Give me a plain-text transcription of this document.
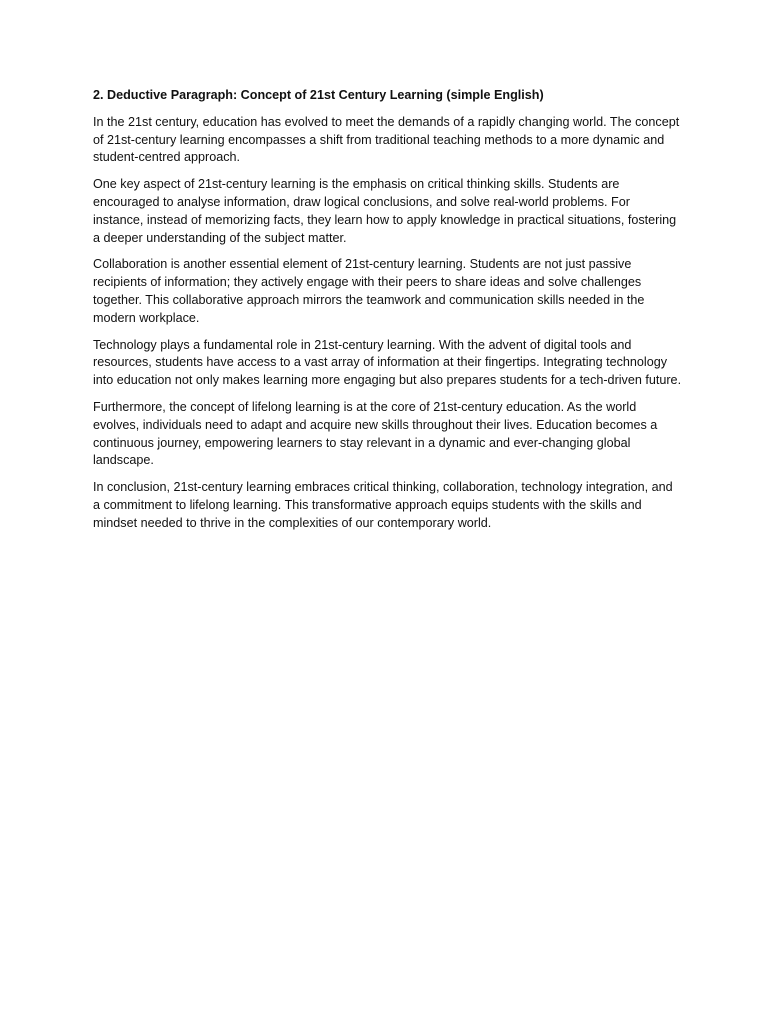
2. Deductive Paragraph: Concept of 21st Century Learning (simple English)

In the 21st century, education has evolved to meet the demands of a rapidly changing world. The concept of 21st-century learning encompasses a shift from traditional teaching methods to a more dynamic and student-centred approach.

One key aspect of 21st-century learning is the emphasis on critical thinking skills. Students are encouraged to analyse information, draw logical conclusions, and solve real-world problems. For instance, instead of memorizing facts, they learn how to apply knowledge in practical situations, fostering a deeper understanding of the subject matter.

Collaboration is another essential element of 21st-century learning. Students are not just passive recipients of information; they actively engage with their peers to share ideas and solve challenges together. This collaborative approach mirrors the teamwork and communication skills needed in the modern workplace.

Technology plays a fundamental role in 21st-century learning. With the advent of digital tools and resources, students have access to a vast array of information at their fingertips. Integrating technology into education not only makes learning more engaging but also prepares students for a tech-driven future.

Furthermore, the concept of lifelong learning is at the core of 21st-century education. As the world evolves, individuals need to adapt and acquire new skills throughout their lives. Education becomes a continuous journey, empowering learners to stay relevant in a dynamic and ever-changing global landscape.

In conclusion, 21st-century learning embraces critical thinking, collaboration, technology integration, and a commitment to lifelong learning. This transformative approach equips students with the skills and mindset needed to thrive in the complexities of our contemporary world.
